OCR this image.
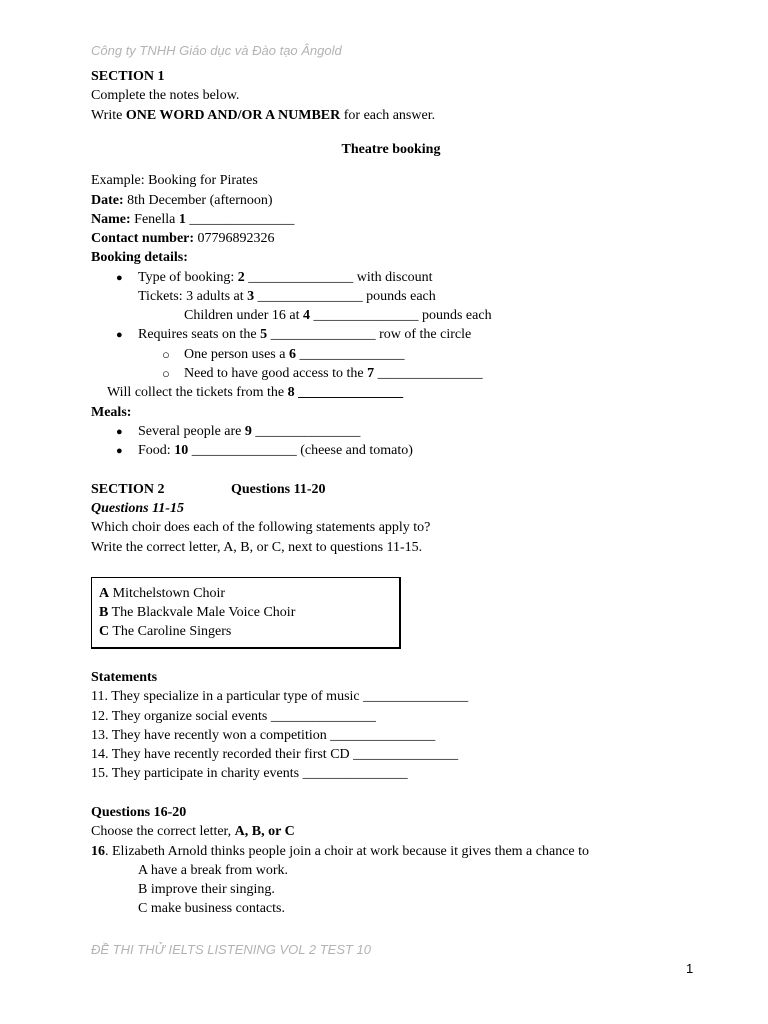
Công ty TNHH Giáo dục và Đào tạo Ângold
SECTION 1
Complete the notes below.
Write ONE WORD AND/OR A NUMBER for each answer.
Theatre booking
Example: Booking for Pirates
Date: 8th December (afternoon)
Name: Fenella 1 _______________
Contact number: 07796892326
Booking details:
● Type of booking: 2 _______________ with discount
Tickets: 3 adults at 3 _______________ pounds each
Children under 16 at 4 _______________ pounds each
● Requires seats on the 5 _______________ row of the circle
○ One person uses a 6 _______________
○ Need to have good access to the 7 _______________
Will collect the tickets from the 8 _______________
Meals:
● Several people are 9 _______________
● Food: 10 _______________ (cheese and tomato)
SECTION 2	Questions 11-20
Questions 11-15
Which choir does each of the following statements apply to?
Write the correct letter, A, B, or C, next to questions 11-15.
A Mitchelstown Choir
B The Blackvale Male Voice Choir
C The Caroline Singers
Statements
11. They specialize in a particular type of music _______________
12. They organize social events _______________
13. They have recently won a competition _______________
14. They have recently recorded their first CD _______________
15. They participate in charity events _______________
Questions 16-20
Choose the correct letter, A, B, or C
16. Elizabeth Arnold thinks people join a choir at work because it gives them a chance to
A have a break from work.
B improve their singing.
C make business contacts.
ĐỀ THI THỬ IELTS LISTENING VOL 2 TEST 10
1
